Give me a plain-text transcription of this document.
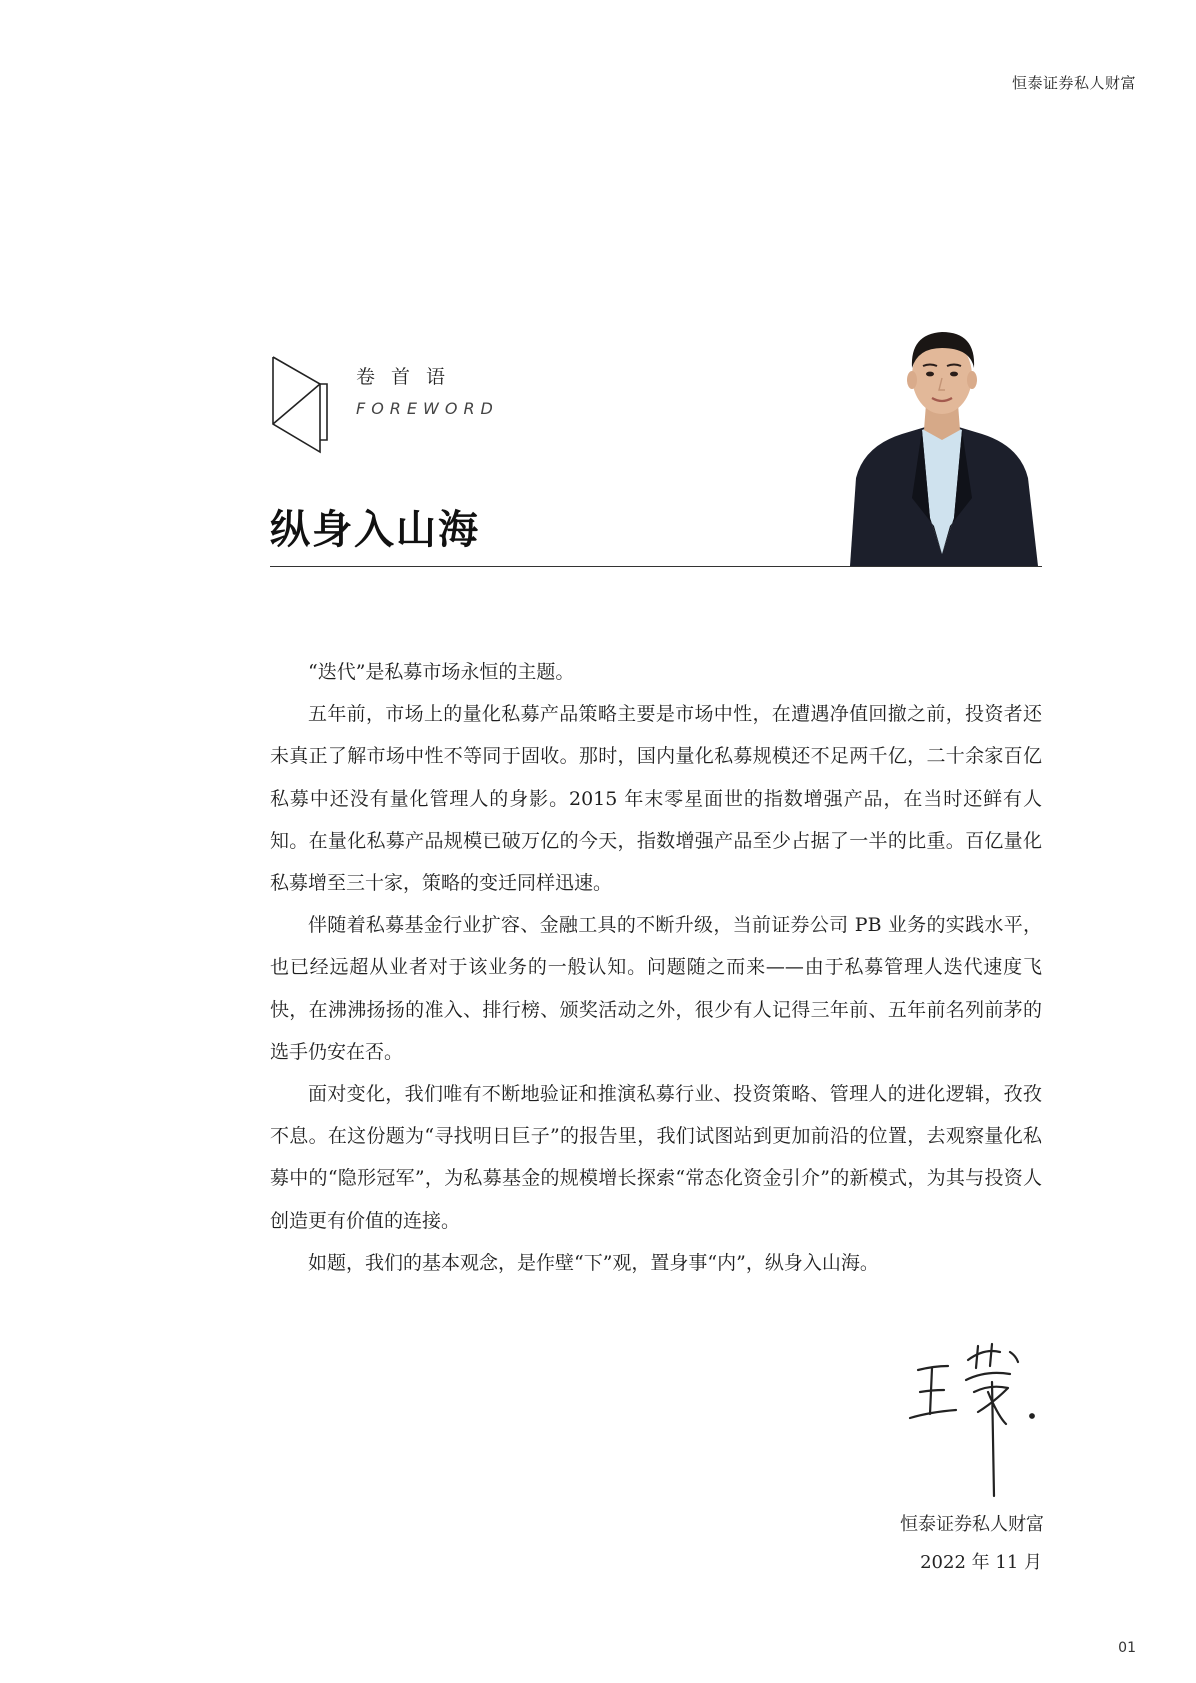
恒泰证券私人财富
卷首语
FOREWORD
纵身入山海

“迭代”是私募市场永恒的主题。

五年前，市场上的量化私募产品策略主要是市场中性，在遭遇净值回撤之前，投资者还未真正了解市场中性不等同于固收。那时，国内量化私募规模还不足两千亿，二十余家百亿私募中还没有量化管理人的身影。2015 年末零星面世的指数增强产品，在当时还鲜有人知。在量化私募产品规模已破万亿的今天，指数增强产品至少占据了一半的比重。百亿量化私募增至三十家，策略的变迁同样迅速。

伴随着私募基金行业扩容、金融工具的不断升级，当前证券公司 PB 业务的实践水平，也已经远超从业者对于该业务的一般认知。问题随之而来——由于私募管理人迭代速度飞快，在沸沸扬扬的准入、排行榜、颁奖活动之外，很少有人记得三年前、五年前名列前茅的选手仍安在否。

面对变化，我们唯有不断地验证和推演私募行业、投资策略、管理人的进化逻辑，孜孜不息。在这份题为“寻找明日巨子”的报告里，我们试图站到更加前沿的位置，去观察量化私募中的“隐形冠军”，为私募基金的规模增长探索“常态化资金引介”的新模式，为其与投资人创造更有价值的连接。

如题，我们的基本观念，是作壁“下”观，置身事“内”，纵身入山海。

恒泰证券私人财富
2022 年 11 月
01
